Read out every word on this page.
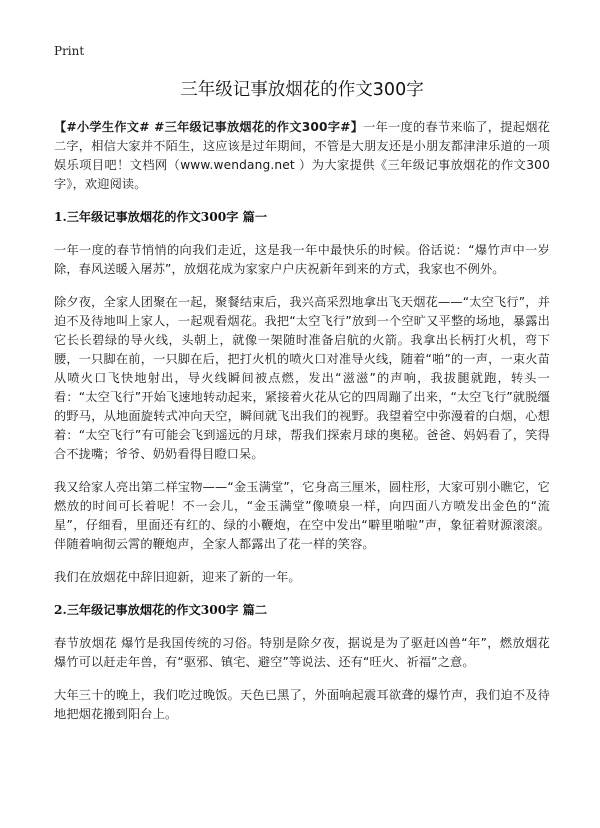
Print
三年级记事放烟花的作文300字

【#小学生作文# #三年级记事放烟花的作文300字#】一年一度的春节来临了，提起烟花二字，相信大家并不陌生，这应该是过年期间，不管是大朋友还是小朋友都津津乐道的一项娱乐项目吧！文档网（www.wendang.net ）为大家提供《三年级记事放烟花的作文300字》，欢迎阅读。

1.三年级记事放烟花的作文300字 篇一

一年一度的春节悄悄的向我们走近，这是我一年中最快乐的时候。俗话说：“爆竹声中一岁除，春风送暖入屠苏”，放烟花成为家家户户庆祝新年到来的方式，我家也不例外。

除夕夜，全家人团聚在一起，聚餐结束后，我兴高采烈地拿出飞天烟花——“太空飞行”，并迫不及待地叫上家人，一起观看烟花。我把“太空飞行”放到一个空旷又平整的场地，暴露出它长长碧绿的导火线，头朝上，就像一架随时准备启航的火箭。我拿出长柄打火机，弯下腰，一只脚在前，一只脚在后，把打火机的喷火口对准导火线，随着“啪”的一声，一束火苗从喷火口飞快地射出，导火线瞬间被点燃，发出“滋滋”的声响，我拔腿就跑，转头一看：“太空飞行”开始飞速地转动起来，紧接着火花从它的四周蹦了出来，“太空飞行”就脱缰的野马，从地面旋转式冲向天空，瞬间就飞出我们的视野。我望着空中弥漫着的白烟，心想着：“太空飞行”有可能会飞到遥远的月球，帮我们探索月球的奥秘。爸爸、妈妈看了，笑得合不拢嘴；爷爷、奶奶看得目瞪口呆。

我又给家人亮出第二样宝物——“金玉满堂”，它身高三厘米，圆柱形，大家可别小瞧它，它燃放的时间可长着呢！不一会儿，“金玉满堂”像喷泉一样，向四面八方喷发出金色的“流星”，仔细看，里面还有红的、绿的小鞭炮，在空中发出“噼里啪啦”声，象征着财源滚滚。伴随着响彻云霄的鞭炮声，全家人都露出了花一样的笑容。

我们在放烟花中辞旧迎新，迎来了新的一年。

2.三年级记事放烟花的作文300字 篇二

春节放烟花 爆竹是我国传统的习俗。特别是除夕夜，据说是为了驱赶凶兽“年”，燃放烟花 爆竹可以赶走年兽，有“驱邪、镇宅、避空”等说法、还有“旺火、祈福”之意。

大年三十的晚上，我们吃过晚饭。天色已黑了，外面响起震耳欲聋的爆竹声，我们迫不及待地把烟花搬到阳台上。
